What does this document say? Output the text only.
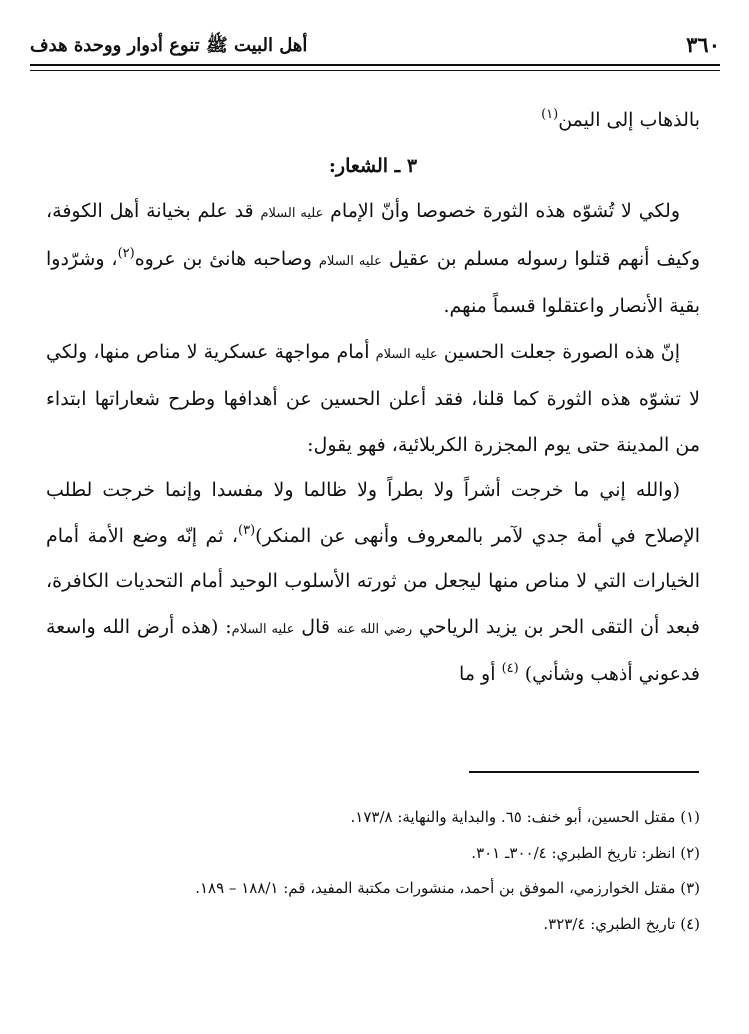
٣٦٠
أهل البيت ﷺ تنوع أدوار ووحدة هدف

بالذهاب إلى اليمن$^{(١)}$

٣ ـ الشعار:

ولكي لا تُشوّه هذه الثورة خصوصا وأنّ الإمام عليه السلام قد علم بخيانة أهل الكوفة، وكيف أنهم قتلوا رسوله مسلم بن عقيل عليه السلام وصاحبه هانئ بن عروه$^{(٢)}$، وشرّدوا بقية الأنصار واعتقلوا قسماً منهم.

إنّ هذه الصورة جعلت الحسين عليه السلام أمام مواجهة عسكرية لا مناص منها، ولكي لا تشوّه هذه الثورة كما قلنا، فقد أعلن الحسين عن أهدافها وطرح شعاراتها ابتداء من المدينة حتى يوم المجزرة الكربلائية، فهو يقول:

(والله إني ما خرجت أشراً ولا بطراً ولا ظالما ولا مفسدا وإنما خرجت لطلب الإصلاح في أمة جدي لآمر بالمعروف وأنهى عن المنكر)$^{(٣)}$، ثم إنّه وضع الأمة أمام الخيارات التي لا مناص منها ليجعل من ثورته الأسلوب الوحيد أمام التحديات الكافرة، فبعد أن التقى الحر بن يزيد الرياحي رضي الله عنه قال عليه السلام: (هذه أرض الله واسعة فدعوني أذهب وشأني) $^{(٤)}$ أو ما

(١) مقتل الحسين، أبو خنف: ٦٥. والبداية والنهاية: ١٧٣/٨.
(٢) انظر: تاريخ الطبري: ٣٠٠/٤ـ ٣٠١.
(٣) مقتل الخوارزمي، الموفق بن أحمد، منشورات مكتبة المفيد، قم: ١٨٨/١ – ١٨٩.
(٤) تاريخ الطبري: ٣٢٣/٤.
